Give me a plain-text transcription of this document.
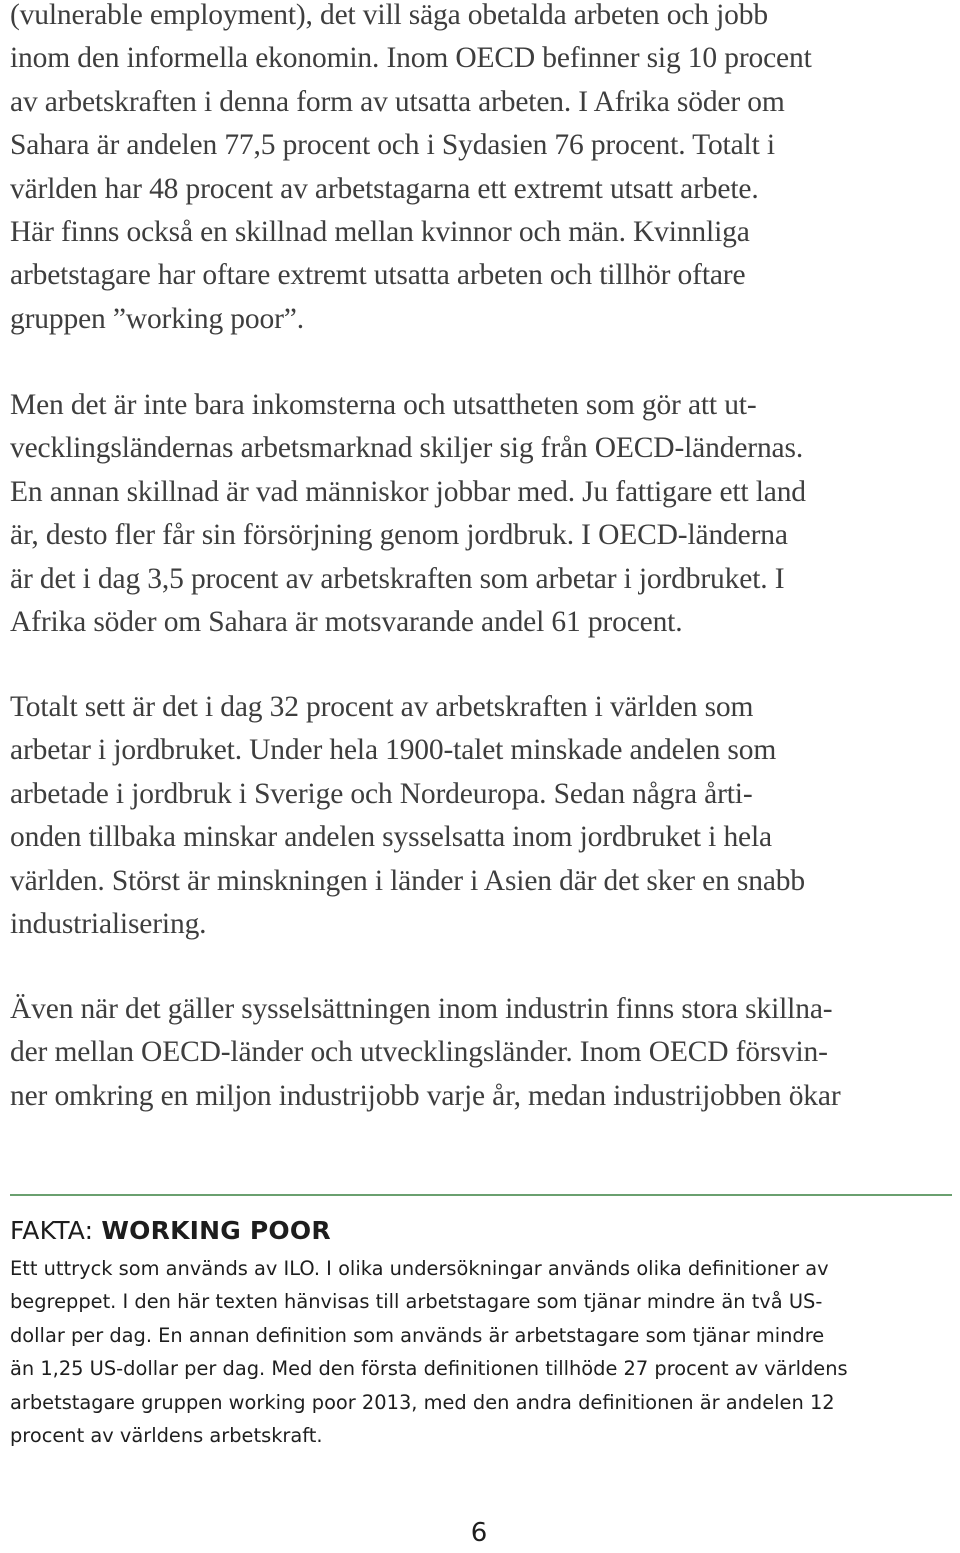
(vulnerable employment), det vill säga obetalda arbeten och jobb
inom den informella ekonomin. Inom OECD befinner sig 10 procent
av arbetskraften i denna form av utsatta arbeten. I Afrika söder om
Sahara är andelen 77,5 procent och i Sydasien 76 procent. Totalt i
världen har 48 procent av arbetstagarna ett extremt utsatt arbete.
Här finns också en skillnad mellan kvinnor och män. Kvinnliga
arbetstagare har oftare extremt utsatta arbeten och tillhör oftare
gruppen ”working poor”.

Men det är inte bara inkomsterna och utsattheten som gör att ut-
vecklingsländernas arbetsmarknad skiljer sig från OECD-ländernas.
En annan skillnad är vad människor jobbar med. Ju fattigare ett land
är, desto fler får sin försörjning genom jordbruk. I OECD-länderna
är det i dag 3,5 procent av arbetskraften som arbetar i jordbruket. I
Afrika söder om Sahara är motsvarande andel 61 procent.

Totalt sett är det i dag 32 procent av arbetskraften i världen som
arbetar i jordbruket. Under hela 1900-talet minskade andelen som
arbetade i jordbruk i Sverige och Nordeuropa. Sedan några årti-
onden tillbaka minskar andelen sysselsatta inom jordbruket i hela
världen. Störst är minskningen i länder i Asien där det sker en snabb
industrialisering.

Även när det gäller sysselsättningen inom industrin finns stora skillna-
der mellan OECD-länder och utvecklingsländer. Inom OECD försvin-
ner omkring en miljon industrijobb varje år, medan industrijobben ökar

FAKTA: WORKING POOR

Ett uttryck som används av ILO. I olika undersökningar används olika definitioner av
begreppet. I den här texten hänvisas till arbetstagare som tjänar mindre än två US-
dollar per dag. En annan definition som används är arbetstagare som tjänar mindre
än 1,25 US-dollar per dag. Med den första definitionen tillhöde 27 procent av världens
arbetstagare gruppen working poor 2013, med den andra definitionen är andelen 12
procent av världens arbetskraft.

6
